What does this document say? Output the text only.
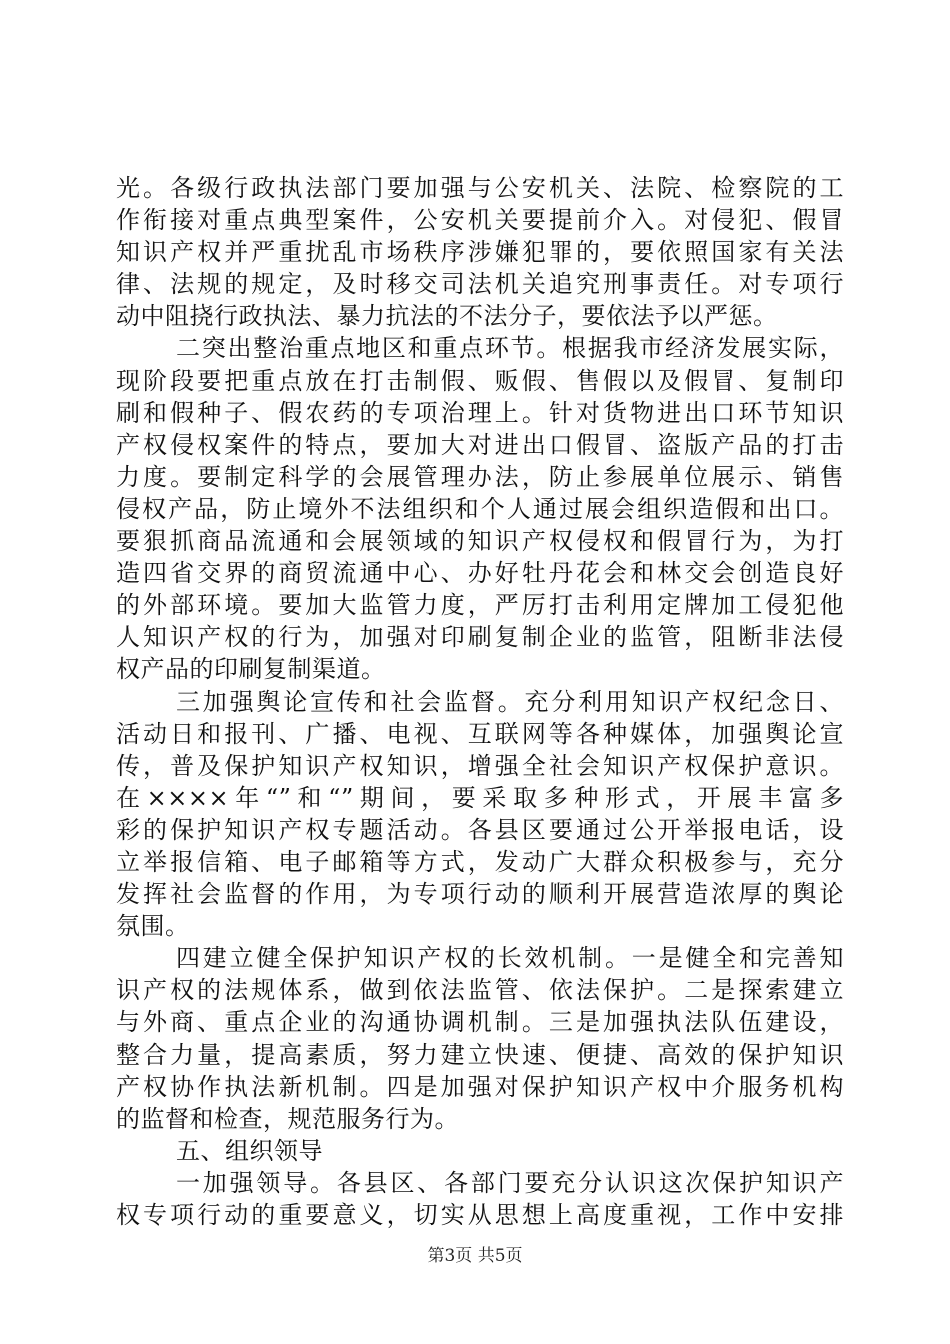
光。各级行政执法部门要加强与公安机关、法院、检察院的工
作衔接对重点典型案件，公安机关要提前介入。对侵犯、假冒
知识产权并严重扰乱市场秩序涉嫌犯罪的，要依照国家有关法
律、法规的规定，及时移交司法机关追究刑事责任。对专项行
动中阻挠行政执法、暴力抗法的不法分子，要依法予以严惩。
二突出整治重点地区和重点环节。根据我市经济发展实际，
现阶段要把重点放在打击制假、贩假、售假以及假冒、复制印
刷和假种子、假农药的专项治理上。针对货物进出口环节知识
产权侵权案件的特点，要加大对进出口假冒、盗版产品的打击
力度。要制定科学的会展管理办法，防止参展单位展示、销售
侵权产品，防止境外不法组织和个人通过展会组织造假和出口。
要狠抓商品流通和会展领域的知识产权侵权和假冒行为，为打
造四省交界的商贸流通中心、办好牡丹花会和林交会创造良好
的外部环境。要加大监管力度，严厉打击利用定牌加工侵犯他
人知识产权的行为，加强对印刷复制企业的监管，阻断非法侵
权产品的印刷复制渠道。
三加强舆论宣传和社会监督。充分利用知识产权纪念日、
活动日和报刊、广播、电视、互联网等各种媒体，加强舆论宣
传，普及保护知识产权知识，增强全社会知识产权保护意识。
在××××年“”和“”期间，要采取多种形式，开展丰富多
彩的保护知识产权专题活动。各县区要通过公开举报电话，设
立举报信箱、电子邮箱等方式，发动广大群众积极参与，充分
发挥社会监督的作用，为专项行动的顺利开展营造浓厚的舆论
氛围。
四建立健全保护知识产权的长效机制。一是健全和完善知
识产权的法规体系，做到依法监管、依法保护。二是探索建立
与外商、重点企业的沟通协调机制。三是加强执法队伍建设，
整合力量，提高素质，努力建立快速、便捷、高效的保护知识
产权协作执法新机制。四是加强对保护知识产权中介服务机构
的监督和检查，规范服务行为。
五、组织领导
一加强领导。各县区、各部门要充分认识这次保护知识产
权专项行动的重要意义，切实从思想上高度重视，工作中安排
第3页 共5页
